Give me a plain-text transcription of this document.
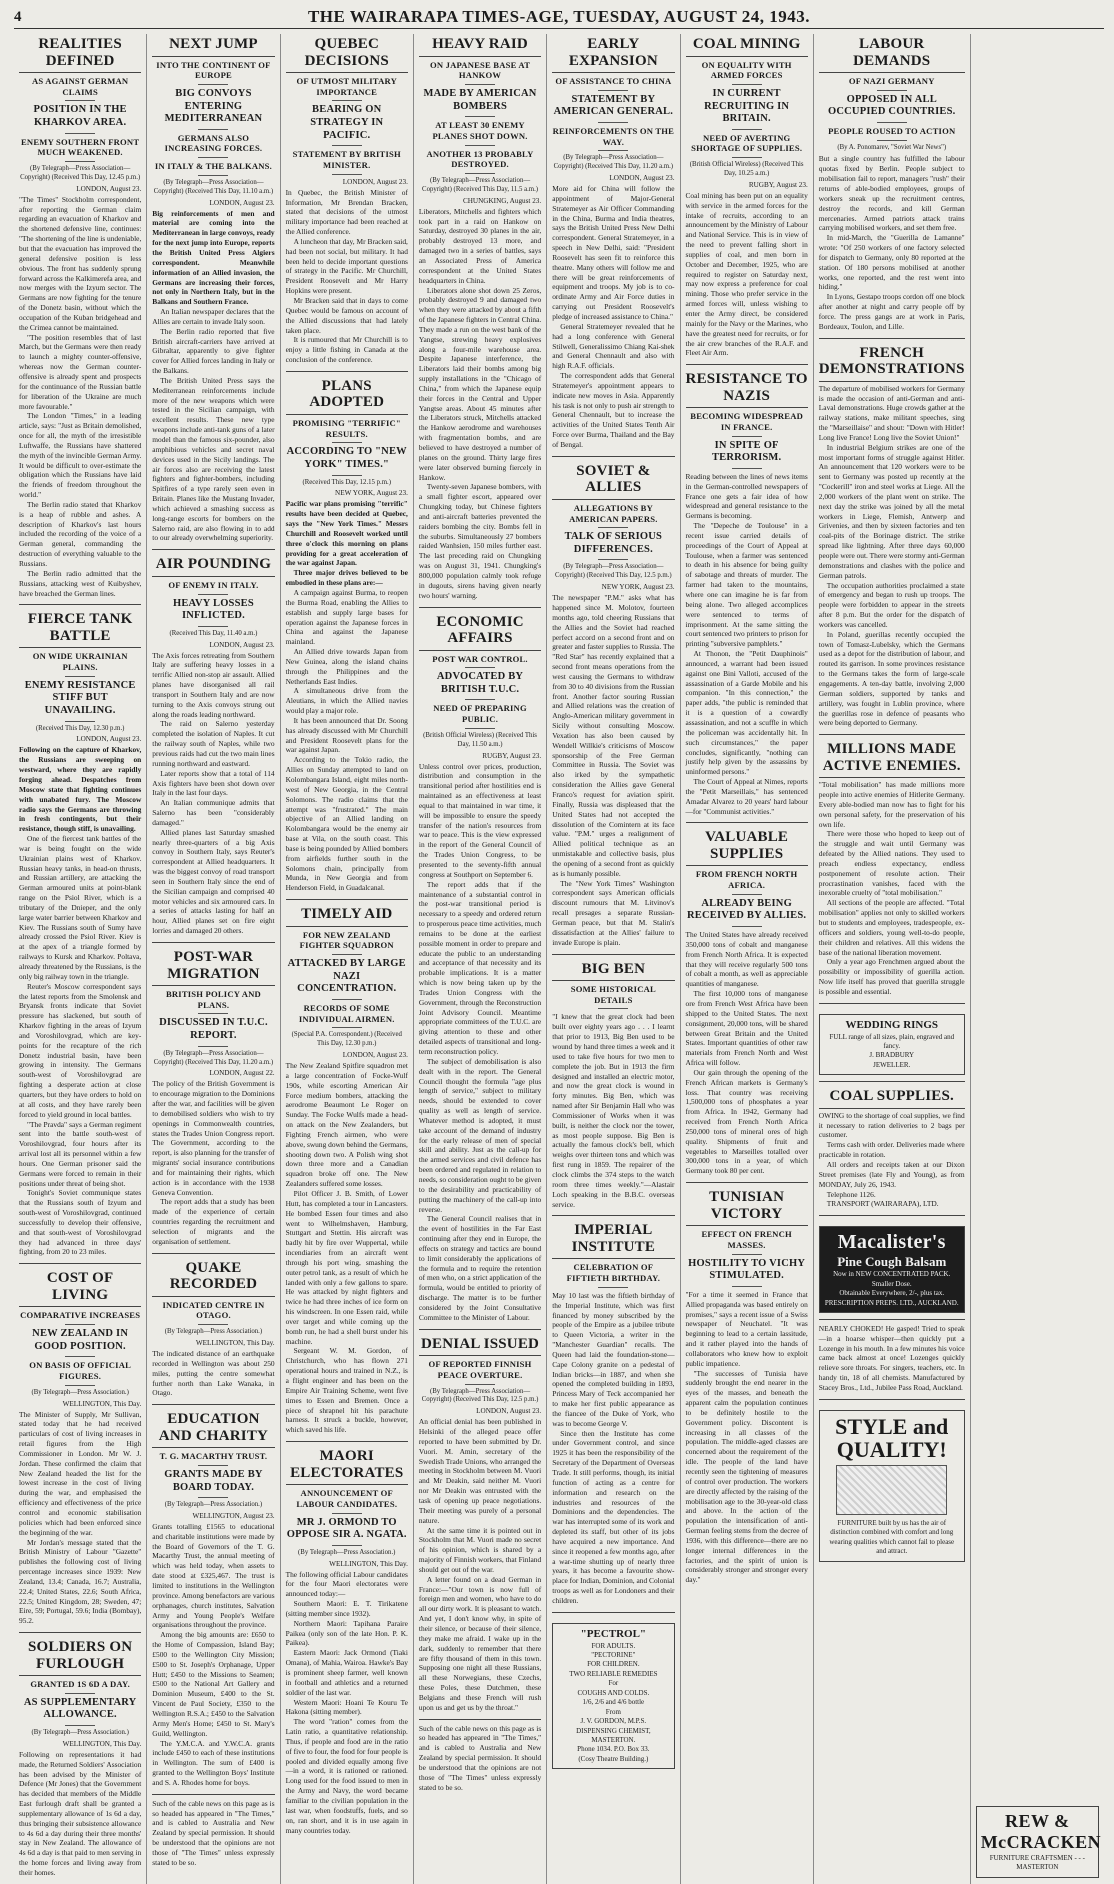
4	THE WAIRARAPA TIMES-AGE, TUESDAY, AUGUST 24, 1943.
REALITIES DEFINED
AS AGAINST GERMAN CLAIMS
POSITION IN THE KHARKOV AREA.
ENEMY SOUTHERN FRONT MUCH WEAKENED.
(By Telegraph—Press Association—Copyright) (Received This Day, 12.45 p.m.)
LONDON, August 23.

"The Times" Stockholm correspondent, after reporting the German claim regarding an evacuation of Kharkov and the shortened defensive line, continues: "The shortening of the line is undeniable, but that the evacuation has improved the general defensive position is less obvious. The front has suddenly sprung forward across the Kalkimerefa area, and now merges with the Izyum sector. The Germans are now fighting for the tenure of the Donetz basin, without which the occupation of the Kuban bridgehead and the Crimea cannot be maintained.

"The position resembles that of last March, but the Germans were then ready to launch a mighty counter-offensive, whereas now the German counter-offensive is already spent and prospects for the continuance of the Russian battle for liberation of the Ukraine are much more favourable."

The London "Times," in a leading article, says: "Just as Britain demolished, once for all, the myth of the irresistible Luftwaffe, the Russians have shattered the myth of the invincible German Army. It would be difficult to over-estimate the obligation which the Russians have laid the friends of freedom throughout the world."

The Berlin radio stated that Kharkov is a heap of rubble and ashes. A description of Kharkov's last hours included the recording of the voice of a German general, commanding the destruction of everything valuable to the Russians.

The Berlin radio admitted that the Russians, attacking west of Kuibyshev, have breached the German lines.

FIERCE TANK BATTLE
ON WIDE UKRAINIAN PLAINS.
ENEMY RESISTANCE STIFF BUT UNAVAILING.
(Received This Day, 12.30 p.m.)
LONDON, August 23.

Following on the capture of Kharkov, the Russians are sweeping on westward, where they are rapidly forging ahead. Despatches from Moscow state that fighting continues with unabated fury. The Moscow radio says the Germans are throwing in fresh contingents, but their resistance, though stiff, is unavailing.

One of the fiercest tank battles of the war is being fought on the wide Ukrainian plains west of Kharkov. Russian heavy tanks, in head-on thrusts, and Russian artillery, are attacking the German armoured units at point-blank range on the Psiol River, which is a tributary of the Dnieper, and the only large water barrier between Kharkov and Kiev. The Russians south of Sumy have already crossed the Psiol River. Kiev is at the apex of a triangle formed by railways to Kursk and Kharkov. Poltava, already threatened by the Russians, is the only big railway town in the triangle.

Reuter's Moscow correspondent says the latest reports from the Smolensk and Bryansk fronts indicate that Soviet pressure has slackened, but south of Kharkov fighting in the areas of Izyum and Voroshilovgrad, which are key-points for the recapture of the rich Donetz industrial basin, have been growing in intensity. The Germans south-west of Voroshilovgrad are fighting a desperate action at close quarters, but they have orders to hold on at all costs, and they have rarely been forced to yield ground in local battles.

"The Pravda" says a German regiment sent into the battle south-west of Voroshilovgrad, four hours after its arrival lost all its personnel within a few hours. One German prisoner said the Germans were forced to remain in their positions under threat of being shot.

Tonight's Soviet communique states that the Russians south of Izyum and south-west of Voroshilovgrad, continued successfully to develop their offensive, and that south-west of Voroshilovgrad they had advanced in three days' fighting, from 20 to 23 miles.

COST OF LIVING
COMPARATIVE INCREASES
NEW ZEALAND IN GOOD POSITION.
ON BASIS OF OFFICIAL FIGURES.
(By Telegraph—Press Association.)
WELLINGTON, This Day.

The Minister of Supply, Mr Sullivan, stated today that he had received particulars of cost of living increases in retail figures from the High Commissioner in London. Mr W. J. Jordan. These confirmed the claim that New Zealand headed the list for the lowest increase in the cost of living during the war, and emphasised the efficiency and effectiveness of the price control and economic stabilisation policies which had been enforced since the beginning of the war.

Mr Jordan's message stated that the British Ministry of Labour "Gazette" publishes the following cost of living percentage increases since 1939: New Zealand, 13.4; Canada, 16.7; Australia, 22.4; United States, 22.6; South Africa, 22.5; United Kingdom, 28; Sweden, 47; Eire, 59; Portugal, 59.6; India (Bombay), 95.2.

SOLDIERS ON FURLOUGH
GRANTED 1S 6D A DAY.
AS SUPPLEMENTARY ALLOWANCE.
(By Telegraph—Press Association.)
WELLINGTON, This Day.

Following on representations it had made, the Returned Soldiers' Association has been advised by the Minister of Defence (Mr Jones) that the Government has decided that members of the Middle East furlough draft shall be granted a supplementary allowance of 1s 6d a day, thus bringing their subsistence allowance to 4s 6d a day during their three months' stay in New Zealand. The allowance of 4s 6d a day is that paid to men serving in the home forces and living away from their homes.

NEXT JUMP
INTO THE CONTINENT OF EUROPE
BIG CONVOYS ENTERING MEDITERRANEAN
GERMANS ALSO INCREASING FORCES.
IN ITALY & THE BALKANS.
(By Telegraph—Press Association—Copyright) (Received This Day, 11.10 a.m.)
LONDON, August 23.

Big reinforcements of men and material are coming into the Mediterranean in large convoys, ready for the next jump into Europe, reports the British United Press Algiers correspondent. Meanwhile information of an Allied invasion, the Germans are increasing their forces, not only in Northern Italy, but in the Balkans and Southern France.

An Italian newspaper declares that the Allies are certain to invade Italy soon.

The Berlin radio reported that five British aircraft-carriers have arrived at Gibraltar, apparently to give fighter cover for Allied forces landing in Italy or the Balkans.

The British United Press says the Mediterranean reinforcements include more of the new weapons which were tested in the Sicilian campaign, with excellent results. These new type weapons include anti-tank guns of a later model than the famous six-pounder, also amphibious vehicles and secret naval devices used in the Sicily landings. The air forces also are receiving the latest fighters and fighter-bombers, including Spitfires of a type rarely seen even in Britain. Planes like the Mustang Invader, which achieved a smashing success as long-range escorts for bombers on the Salerno raid, are also flowing in to add to our already overwhelming superiority.

AIR POUNDING
OF ENEMY IN ITALY.
HEAVY LOSSES INFLICTED.
(Received This Day, 11.40 a.m.)
LONDON, August 23.

The Axis forces retreating from Southern Italy are suffering heavy losses in a terrific Allied non-stop air assault. Allied planes have disorganised all rail transport in Southern Italy and are now turning to the Axis convoys strung out along the roads leading northward.

The raid on Salerno yesterday completed the isolation of Naples. It cut the railway south of Naples, while two previous raids had cut the two main lines running northward and eastward.

Later reports show that a total of 114 Axis fighters have been shot down over Italy in the last four days.

An Italian communique admits that Salerno has been "considerably damaged."

Allied planes last Saturday smashed nearly three-quarters of a big Axis convoy in Southern Italy, says Reuter's correspondent at Allied headquarters. It was the biggest convoy of road transport seen in Southern Italy since the end of the Sicilian campaign and comprised 40 motor vehicles and six armoured cars. In a series of attacks lasting for half an hour, Allied planes set on fire eight lorries and damaged 20 others.

POST-WAR MIGRATION
BRITISH POLICY AND PLANS.
DISCUSSED IN T.U.C. REPORT.
(By Telegraph—Press Association—Copyright) (Received This Day, 11.20 a.m.)
LONDON, August 22.

The policy of the British Government is to encourage migration to the Dominions after the war, and facilities will be given to demobilised soldiers who wish to try openings in Commonwealth countries, states the Trades Union Congress report. The Government, according to the report, is also planning for the transfer of migrants' social insurance contributions and for maintaining their rights, which action is in accordance with the 1938 Geneva Convention.

The report adds that a study has been made of the experience of certain countries regarding the recruitment and selection of migrants and the organisation of settlement.

QUAKE RECORDED
INDICATED CENTRE IN OTAGO.
(By Telegraph—Press Association.)
WELLINGTON, This Day.

The indicated distance of an earthquake recorded in Wellington was about 250 miles, putting the centre somewhat further north than Lake Wanaka, in Otago.

EDUCATION AND CHARITY
T. G. MACARTHY TRUST.
GRANTS MADE BY BOARD TODAY.
(By Telegraph—Press Association.)
WELLINGTON, August 23.

Grants totalling £1565 to educational and charitable institutions were made by the Board of Governors of the T. G. Macarthy Trust, the annual meeting of which was held today, when assets to date stood at £325,467. The trust is limited to institutions in the Wellington province. Among benefactors are various orphanages, church institutes, Salvation Army and Young People's Welfare organisations throughout the province.

Among the big amounts are: £650 to the Home of Compassion, Island Bay; £500 to the Wellington City Mission; £500 to St. Joseph's Orphanage, Upper Hutt; £450 to the Missions to Seamen; £500 to the National Art Gallery and Dominion Museum, £400 to the St. Vincent de Paul Society, £350 to the Wellington R.S.A.; £450 to the Salvation Army Men's Home; £450 to St. Mary's Guild, Wellington.

The Y.M.C.A. and Y.W.C.A. grants include £450 to each of these institutions in Wellington. The sum of £400 is granted to the Wellington Boys' Institute and S. A. Rhodes home for boys.

Such of the cable news on this page as is so headed has appeared in "The Times," and is cabled to Australia and New Zealand by special permission. It should be understood that the opinions are not those of "The Times" unless expressly stated to be so.

QUEBEC DECISIONS
OF UTMOST MILITARY IMPORTANCE
BEARING ON STRATEGY IN PACIFIC.
STATEMENT BY BRITISH MINISTER.
LONDON, August 23.

In Quebec, the British Minister of Information, Mr Brendan Bracken, stated that decisions of the utmost military importance had been reached at the Allied conference.

A luncheon that day, Mr Bracken said, had been not social, but military. It had been held to decide important questions of strategy in the Pacific. Mr Churchill, President Roosevelt and Mr Harry Hopkins were present.

Mr Bracken said that in days to come Quebec would be famous on account of the Allied discussions that had lately taken place.

It is rumoured that Mr Churchill is to enjoy a little fishing in Canada at the conclusion of the conference.

PLANS ADOPTED
PROMISING "TERRIFIC" RESULTS.
ACCORDING TO "NEW YORK" TIMES."
(Received This Day, 12.15 p.m.)
NEW YORK, August 23.

Pacific war plans promising "terrific" results have been decided at Quebec, says the "New York Times." Messrs Churchill and Roosevelt worked until three o'clock this morning on plans providing for a great acceleration of the war against Japan.

Three major drives believed to be embodied in these plans are:—

A campaign against Burma, to reopen the Burma Road, enabling the Allies to establish and supply large bases for operation against the Japanese forces in China and against the Japanese mainland.

An Allied drive towards Japan from New Guinea, along the island chains through the Philippines and the Netherlands East Indies.

A simultaneous drive from the Aleutians, in which the Allied navies would play a major role.

It has been announced that Dr. Soong has already discussed with Mr Churchill and President Roosevelt plans for the war against Japan.

According to the Tokio radio, the Allies on Sunday attempted to land on Kolombangara Island, eight miles north-west of New Georgia, in the Central Solomons. The radio claims that the attempt was "frustrated." The main objective of an Allied landing on Kolombangara would be the enemy air base at Vila, on the south coast. This base is being pounded by Allied bombers from airfields further south in the Solomons chain, principally from Munda, in New Georgia and from Henderson Field, in Guadalcanal.

TIMELY AID
FOR NEW ZEALAND FIGHTER SQUADRON
ATTACKED BY LARGE NAZI CONCENTRATION.
RECORDS OF SOME INDIVIDUAL AIRMEN.
(Special P.A. Correspondent.) (Received This Day, 12.30 p.m.)
LONDON, August 23.

The New Zealand Spitfire squadron met a large concentration of Focke-Wulf 190s, while escorting American Air Force medium bombers, attacking the aerodrome Beaumont Le Roger on Sunday. The Focke Wulfs made a head-on attack on the New Zealanders, but Fighting French airmen, who were above, swung down behind the Germans, shooting down two. A Polish wing shot down three more and a Canadian squadron broke off one. The New Zealanders suffered some losses.

Pilot Officer J. B. Smith, of Lower Hutt, has completed a tour in Lancasters. He bombed Essen four times and also went to Wilhelmshaven, Hamburg, Stuttgart and Stettin. His aircraft was badly hit by fire over Wuppertal, while incendiaries from an aircraft went through his port wing, smashing the outer petrol tank, as a result of which he landed with only a few gallons to spare. He was attacked by night fighters and twice he had three inches of ice form on his windscreen. In one Essen raid, while over target and while coming up the bomb run, he had a shell burst under his machine.

Sergeant W. M. Gordon, of Christchurch, who has flown 271 operational hours and trained in N.Z., is a flight engineer and has been on the Empire Air Training Scheme, went five times to Essen and Bremen. Once a piece of shrapnel hit his parachute harness. It struck a buckle, however, which saved his life.

MAORI ELECTORATES
ANNOUNCEMENT OF LABOUR CANDIDATES.
MR J. ORMOND TO OPPOSE SIR A. NGATA.
(By Telegraph—Press Association.)
WELLINGTON, This Day.

The following official Labour candidates for the four Maori electorates were announced today:—

Southern Maori: E. T. Tirikatene (sitting member since 1932).

Northern Maori: Tapihana Paraire Paikea (only son of the late Hon. P. K. Paikea).

Eastern Maori: Jack Ormond (Tiaki Omana), of Mahia, Wairoa. Hawke's Bay is prominent sheep farmer, well known in football and athletics and a returned soldier of the last war.

Western Maori: Hoani Te Kouru Te Hakona (sitting member).

The word "ration" comes from the Latin ratio, a quantitative relationship. Thus, if people and food are in the ratio of five to four, the food for four people is pooled and divided equally among five—in a word, it is rationed or rationed. Long used for the food issued to men in the Army and Navy, the word became familiar to the civilian population in the last war, when foodstuffs, fuels, and so on, ran short, and it is in use again in many countries today.

HEAVY RAID
ON JAPANESE BASE AT HANKOW
MADE BY AMERICAN BOMBERS
AT LEAST 30 ENEMY PLANES SHOT DOWN.
ANOTHER 13 PROBABLY DESTROYED.
(By Telegraph—Press Association—Copyright) (Received This Day, 11.5 a.m.)
CHUNGKING, August 23.

Liberators, Mitchells and fighters which took part in a raid on Hankow on Saturday, destroyed 30 planes in the air, probably destroyed 13 more, and damaged two in a series of battles, says an Associated Press of America correspondent at the United States headquarters in China.

Liberators alone shot down 25 Zeros, probably destroyed 9 and damaged two when they were attacked by about a fifth of the Japanese fighters in Central China. They made a run on the west bank of the Yangtse, strewing heavy explosives along a four-mile warehouse area. Despite Japanese interference, the Liberators laid their bombs among big supply installations in the "Chicago of China," from which the Japanese equip their forces in the Central and Upper Yangtse areas. About 45 minutes after the Liberators struck, Mitchells attacked the Hankow aerodrome and warehouses with fragmentation bombs, and are believed to have destroyed a number of planes on the ground. Thirty large fires were later observed burning fiercely in Hankow.

Twenty-seven Japanese bombers, with a small fighter escort, appeared over Chungking today, but Chinese fighters and anti-aircraft batteries prevented the raiders bombing the city. Bombs fell in the suburbs. Simultaneously 27 bombers raided Wanhsien, 150 miles further east. The last preceding raid on Chungking was on August 31, 1941. Chungking's 800,000 population calmly took refuge in dugouts, sirens having given nearly two hours' warning.

ECONOMIC AFFAIRS
POST WAR CONTROL.
ADVOCATED BY BRITISH T.U.C.
NEED OF PREPARING PUBLIC.
(British Official Wireless) (Received This Day, 11.50 a.m.)
RUGBY, August 23.

Unless control over prices, production, distribution and consumption in the transitional period after hostilities end is maintained as an effectiveness at least equal to that maintained in war time, it will be impossible to ensure the speedy transfer of the nation's resources from war to peace. This is the view expressed in the report of the General Council of the Trades Union Congress, to be presented to the seventy-fifth annual congress at Southport on September 6.

The report adds that if the maintenance of a substantial control in the post-war transitional period is necessary to a speedy and ordered return to prosperous peace time activities, much remains to be done at the earliest possible moment in order to prepare and educate the public to an understanding and acceptance of that necessity and its probable implications. It is a matter which is now being taken up by the Trades Union Congress with the Government, through the Reconstruction Joint Advisory Council. Meantime appropriate committees of the T.U.C. are giving attention to these and other detailed aspects of transitional and long-term reconstruction policy.

The subject of demobilisation is also dealt with in the report. The General Council thought the formula "age plus length of service," subject to military needs, should be extended to cover quality as well as length of service. Whatever method is adopted, it must take account of the demand of industry for the early release of men of special skill and ability. Just as the call-up for the armed services and civil defence has been ordered and regulated in relation to needs, so consideration ought to be given to the desirability and practicability of putting the machinery of the call-up into reverse.

The General Council realises that in the event of hostilities in the Far East continuing after they end in Europe, the effects on strategy and tactics are bound to limit considerably the applications of the formula and to require the retention of men who, on a strict application of the formula, would be entitled to priority of discharge. The matter is to be further considered by the Joint Consultative Committee to the Minister of Labour.

DENIAL ISSUED
OF REPORTED FINNISH PEACE OVERTURE.
(By Telegraph—Press Association—Copyright) (Received This Day, 12.5 p.m.)
LONDON, August 23.

An official denial has been published in Helsinki of the alleged peace offer reported to have been submitted by Dr. Vuori. M. Amin, secretary of the Swedish Trade Unions, who arranged the meeting in Stockholm between M. Vuori and Mr Deakin, said neither M. Vuori nor Mr Deakin was entrusted with the task of opening up peace negotiations. Their meeting was purely of a personal nature.

At the same time it is pointed out in Stockholm that M. Vuori made no secret of his opinion, which is shared by a majority of Finnish workers, that Finland should get out of the war.

A letter found on a dead German in France:—"Our town is now full of foreign men and women, who have to do all our dirty work. It is pleasant to watch. And yet, I don't know why, in spite of their silence, or because of their silence, they make me afraid. I wake up in the dark, suddenly to remember that there are fifty thousand of them in this town. Supposing one night all these Russians, all these Norwegians, these Czechs, these Poles, these Dutchmen, these Belgians and these French will rush upon us and get us by the throat."

Such of the cable news on this page as is so headed has appeared in "The Times," and is cabled to Australia and New Zealand by special permission. It should be understood that the opinions are not those of "The Times" unless expressly stated to be so.

EARLY EXPANSION
OF ASSISTANCE TO CHINA
STATEMENT BY AMERICAN GENERAL.
REINFORCEMENTS ON THE WAY.
(By Telegraph—Press Association—Copyright) (Received This Day, 11.20 a.m.)
LONDON, August 23.

More aid for China will follow the appointment of Major-General Stratemeyer as Air Officer Commanding in the China, Burma and India theatres, says the British United Press New Delhi correspondent. General Stratemeyer, in a speech in New Delhi, said: "President Roosevelt has seen fit to reinforce this theatre. Many others will follow me and there will be great reinforcements of equipment and troops. My job is to co-ordinate Army and Air Force duties in carrying out President Roosevelt's pledge of increased assistance to China."

General Stratemeyer revealed that he had a long conference with General Stilwell, Generalissimo Chiang Kai-shek and General Chennault and also with high R.A.F. officials.

The correspondent adds that General Stratemeyer's appointment appears to indicate new moves in Asia. Apparently his task is not only to push air strength to General Chennault, but to increase the activities of the United States Tenth Air Force over Burma, Thailand and the Bay of Bengal.

SOVIET & ALLIES
ALLEGATIONS BY AMERICAN PAPERS.
TALK OF SERIOUS DIFFERENCES.
(By Telegraph—Press Association—Copyright) (Received This Day, 12.5 p.m.)
NEW YORK, August 23.

The newspaper "P.M." asks what has happened since M. Molotov, fourteen months ago, told cheering Russians that the Allies and the Soviet had reached perfect accord on a second front and on greater and faster supplies to Russia. The "Red Star" has recently explained that a second front means operations from the west causing the Germans to withdraw from 30 to 40 divisions from the Russian front. Another factor souring Russian and Allied relations was the creation of Anglo-American military government in Sicily without consulting Moscow. Vexation has also been caused by Wendell Willkie's criticisms of Moscow sponsorship of the Free German Committee in Russia. The Soviet was also irked by the sympathetic consideration the Allies gave General Franco's request for aviation spirit. Finally, Russia was displeased that the United States had not accepted the dissolution of the Comintern at its face value. "P.M." urges a realignment of Allied political technique as an unmistakable and collective basis, plus the opening of a second front as quickly as is humanly possible.

The "New York Times" Washington correspondent says American officials discount rumours that M. Litvinov's recall presages a separate Russian-German peace, but that M. Stalin's dissatisfaction at the Allies' failure to invade Europe is plain.

BIG BEN
SOME HISTORICAL DETAILS

"I knew that the great clock had been built over eighty years ago . . . I learnt that prior to 1913, Big Ben used to be wound by hand three times a week and it used to take five hours for two men to complete the job. But in 1913 the firm designed and installed an electric motor, and now the great clock is wound in forty minutes. Big Ben, which was named after Sir Benjamin Hall who was Commissioner of Works when it was built, is neither the clock nor the tower, as most people suppose. Big Ben is actually the famous clock's bell, which weighs over thirteen tons and which was first rung in 1859. The repairer of the clock climbs the 374 steps to the watch room three times weekly."—Alastair Loch speaking in the B.B.C. overseas service.

IMPERIAL INSTITUTE
CELEBRATION OF FIFTIETH BIRTHDAY.

May 10 last was the fiftieth birthday of the Imperial Institute, which was first financed by money subscribed by the people of the Empire as a jubilee tribute to Queen Victoria, a writer in the "Manchester Guardian" recalls. The Queen had laid the foundation-stone—Cape Colony granite on a pedestal of Indian bricks—in 1887, and when she opened the completed building in 1893, Princess Mary of Teck accompanied her to make her first public appearance as the fiancee of the Duke of York, who was to become George V.

Since then the Institute has come under Government control, and since 1925 it has been the responsibility of the Secretary of the Department of Overseas Trade. It still performs, though, its initial function of acting as a centre for information and research on the industries and resources of the Dominions and the dependencies. The war has interrupted some of its work and depleted its staff, but other of its jobs have acquired a new importance. And since it reopened a few months ago, after a war-time shutting up of nearly three years, it has become a favourite show-place for Indian, Dominion, and Colonial troops as well as for Londoners and their children.

"PECTROL"
FOR ADULTS.
"PECTORINE"
FOR CHILDREN.
TWO RELIABLE REMEDIES
For
COUGHS AND COLDS.
1/6, 2/6 and 4/6 bottle
From
J. V. GORDON, M.P.S.
DISPENSING CHEMIST, MASTERTON.
Phone 1034. P.O. Box 33.
(Cosy Theatre Building.)
COAL MINING
ON EQUALITY WITH ARMED FORCES
IN CURRENT RECRUITING IN BRITAIN.
NEED OF AVERTING SHORTAGE OF SUPPLIES.
(British Official Wireless) (Received This Day, 10.25 a.m.)
RUGBY, August 23.

Coal mining has been put on an equality with service in the armed forces for the intake of recruits, according to an announcement by the Ministry of Labour and National Service. This is in view of the need to prevent falling short in supplies of coal, and men born in October and December, 1925, who are required to register on Saturday next, may now express a preference for coal mining. Those who prefer service in the armed forces will, unless wishing to enter the Army direct, be considered mainly for the Navy or the Marines, who have the greatest need for recruits, or for the air crew branches of the R.A.F. and Fleet Air Arm.

RESISTANCE TO NAZIS
BECOMING WIDESPREAD IN FRANCE.
IN SPITE OF TERRORISM.

Reading between the lines of news items in the German-controlled newspapers of France one gets a fair idea of how widespread and general resistance to the Germans is becoming.

The "Depeche de Toulouse" in a recent issue carried details of proceedings of the Court of Appeal at Toulouse, when a farmer was sentenced to death in his absence for being guilty of sabotage and threats of murder. The farmer had taken to the mountains, where one can imagine he is far from being alone. Two alleged accomplices were sentenced to terms of imprisonment. At the same sitting the court sentenced two printers to prison for printing "subversive pamphlets."

At Thonon, the "Petit Dauphinois" announced, a warrant had been issued against one Bini Valloti, accused of the assassination of a Garde Mobile and his companion. "In this connection," the paper adds, "the public is reminded that it is a question of a cowardly assassination, and not a scuffle in which the policeman was accidentally hit. In such circumstances," the paper concludes, significantly, "nothing can justify help given by the assassins by uninformed persons."

The Court of Appeal at Nimes, reports the "Petit Marseillais," has sentenced Amadar Alvarez to 20 years' hard labour—for "Communist activities."

VALUABLE SUPPLIES
FROM FRENCH NORTH AFRICA.
ALREADY BEING RECEIVED BY ALLIES.

The United States have already received 350,000 tons of cobalt and manganese from French North Africa. It is expected that they will receive regularly 500 tons of cobalt a month, as well as appreciable quantities of manganese.

The first 10,000 tons of manganese ore from French West Africa have been shipped to the United States. The next consignment, 20,000 tons, will be shared between Great Britain and the United States. Important quantities of other raw materials from French North and West Africa will follow.

Our gain through the opening of the French African markets is Germany's loss. That country was receiving 1,500,000 tons of phosphates a year from Africa. In 1942, Germany had received from French North Africa 250,000 tons of mineral ores of high quality. Shipments of fruit and vegetables to Marseilles totalled over 300,000 tons in a year, of which Germany took 80 per cent.

TUNISIAN VICTORY
EFFECT ON FRENCH MASSES.
HOSTILITY TO VICHY STIMULATED.

"For a time it seemed in France that Allied propaganda was based entirely on promises," says a recent issue of a Swiss newspaper of Neuchatel. "It was beginning to lead to a certain lassitude, and it rather played into the hands of collaborators who knew how to exploit public impatience.

"The successes of Tunisia have suddenly brought the end nearer in the eyes of the masses, and beneath the apparent calm the population continues to be definitely hostile to the Government policy. Discontent is increasing in all classes of the population. The middle-aged classes are concerned about the requirement of the idle. The people of the land have recently seen the tightening of measures of control over production. The workers are directly affected by the raising of the mobilisation age to the 30-year-old class and above. In the action of the population the intensification of anti-German feeling stems from the decree of 1936, with this difference—there are no longer internal differences in the factories, and the spirit of union is considerably stronger and stronger every day."

LABOUR DEMANDS
OF NAZI GERMANY
OPPOSED IN ALL OCCUPIED COUNTRIES.
PEOPLE ROUSED TO ACTION
(By A. Ponomarev, "Soviet War News")

But a single country has fulfilled the labour quotas fixed by Berlin. People subject to mobilisation fail to report, managers "rush" their returns of able-bodied employees, groups of workers sneak up the recruitment centres, destroy the records, and kill German mercenaries. Armed patriots attack trains carrying mobilised workers, and set them free.

In mid-March, the "Guerilla de Lamanne" wrote: "Of 250 workers of one factory selected for dispatch to Germany, only 80 reported at the station. Of 180 persons mobilised at another works, one reported, and the rest went into hiding."

In Lyons, Gestapo troops cordon off one block after another at night and carry people off by force. The press gangs are at work in Paris, Bordeaux, Toulon, and Lille.

FRENCH DEMONSTRATIONS

The departure of mobilised workers for Germany is made the occasion of anti-German and anti-Laval demonstrations. Huge crowds gather at the railway stations, make militant speeches, sing the "Marseillaise" and shout: "Down with Hitler! Long live France! Long live the Soviet Union!"

In industrial Belgium strikes are one of the most important forms of struggle against Hitler. An announcement that 120 workers were to be sent to Germany was posted up recently at the "Cockerill" iron and steel works at Liege. All the 2,000 workers of the plant went on strike. The next day the strike was joined by all the metal workers in Liege, Flemish, Antwerp and Grivenies, and then by sixteen factories and ten coal-pits of the Borinage district. The strike spread like lightning. After three days 60,000 people were out. There were stormy anti-German demonstrations and clashes with the police and German patrols.

The occupation authorities proclaimed a state of emergency and began to rush up troops. The people were forbidden to appear in the streets after 8 p.m. But the order for the dispatch of workers was cancelled.

In Poland, guerillas recently occupied the town of Tomasz-Lubelsky, which the Germans used as a depot for the distribution of labour, and routed its garrison. In some provinces resistance to the Germans takes the form of large-scale engagements. A ten-day battle, involving 2,000 German soldiers, supported by tanks and artillery, was fought in Lublin province, where the guerillas rose in defence of peasants who were being deported to Germany.

MILLIONS MADE ACTIVE ENEMIES.

"Total mobilisation" has made millions more people into active enemies of Hitlerite Germany. Every able-bodied man now has to fight for his own personal safety, for the preservation of his own life.

There were those who hoped to keep out of the struggle and wait until Germany was defeated by the Allied nations. They used to preach endless expectancy, endless postponement of resolute action. Their procrastination vanishes, faced with the inexorable cruelty of "total mobilisation."

All sections of the people are affected. "Total mobilisation" applies not only to skilled workers but to students and employees, tradespeople, ex-officers and soldiers, young well-to-do people, their children and relatives. All this widens the base of the national liberation movement.

Only a year ago Frenchmen argued about the possibility or impossibility of guerilla action. Now life itself has proved that guerilla struggle is possible and essential.

WEDDING RINGS
FULL range of all sizes, plain, engraved and fancy.
J. BRADBURY
JEWELLER.
COAL SUPPLIES.

OWING to the shortage of coal supplies, we find it necessary to ration deliveries to 2 bags per customer.

Terms cash with order. Deliveries made where practicable in rotation.

All orders and receipts taken at our Dixon Street premises (late Fly and Young), as from MONDAY, July 26, 1943.

Telephone 1126.

TRANSPORT (WAIRARAPA), LTD.

Macalister's
Pine Cough Balsam
Now in NEW CONCENTRATED PACK.
Smaller Dose.
Obtainable Everywhere, 2/-, plus tax.
PRESCRIPTION PREPS. LTD., AUCKLAND.

NEARLY CHOKED! He gasped! Tried to speak—in a hoarse whisper—then quickly put a Lozenge in his mouth. In a few minutes his voice came back almost at once! Lozenges quickly relieve sore throats. For singers, teachers, etc. In handy tin, 18 of all chemists. Manufactured by Stacey Bros., Ltd., Jubilee Pass Road, Auckland.

STYLE and QUALITY!
FURNITURE built by us has the air of distinction combined with comfort and long wearing qualities which cannot fail to please and attract.
REW & McCRACKEN
FURNITURE CRAFTSMEN - - - MASTERTON
